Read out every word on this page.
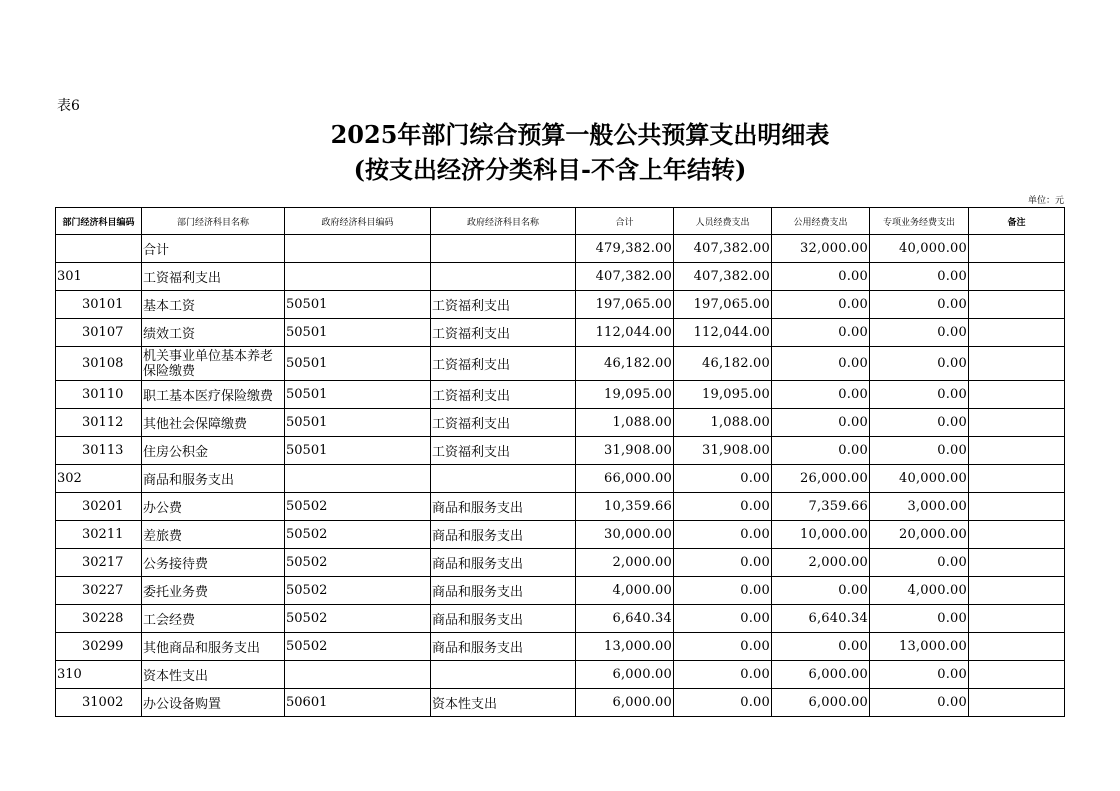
表6
2025年部门综合预算一般公共预算支出明细表
(按支出经济分类科目-不含上年结转)
单位：元
部门经济科目编码	部门经济科目名称	政府经济科目编码	政府经济科目名称	合计	人员经费支出	公用经费支出	专项业务经费支出	备注
	合计			479,382.00	407,382.00	32,000.00	40,000.00	
301	工资福利支出			407,382.00	407,382.00	0.00	0.00	
30101	基本工资	50501	工资福利支出	197,065.00	197,065.00	0.00	0.00	
30107	绩效工资	50501	工资福利支出	112,044.00	112,044.00	0.00	0.00	
30108	机关事业单位基本养老保险缴费	50501	工资福利支出	46,182.00	46,182.00	0.00	0.00	
30110	职工基本医疗保险缴费	50501	工资福利支出	19,095.00	19,095.00	0.00	0.00	
30112	其他社会保障缴费	50501	工资福利支出	1,088.00	1,088.00	0.00	0.00	
30113	住房公积金	50501	工资福利支出	31,908.00	31,908.00	0.00	0.00	
302	商品和服务支出			66,000.00	0.00	26,000.00	40,000.00	
30201	办公费	50502	商品和服务支出	10,359.66	0.00	7,359.66	3,000.00	
30211	差旅费	50502	商品和服务支出	30,000.00	0.00	10,000.00	20,000.00	
30217	公务接待费	50502	商品和服务支出	2,000.00	0.00	2,000.00	0.00	
30227	委托业务费	50502	商品和服务支出	4,000.00	0.00	0.00	4,000.00	
30228	工会经费	50502	商品和服务支出	6,640.34	0.00	6,640.34	0.00	
30299	其他商品和服务支出	50502	商品和服务支出	13,000.00	0.00	0.00	13,000.00	
310	资本性支出			6,000.00	0.00	6,000.00	0.00	
31002	办公设备购置	50601	资本性支出	6,000.00	0.00	6,000.00	0.00	
